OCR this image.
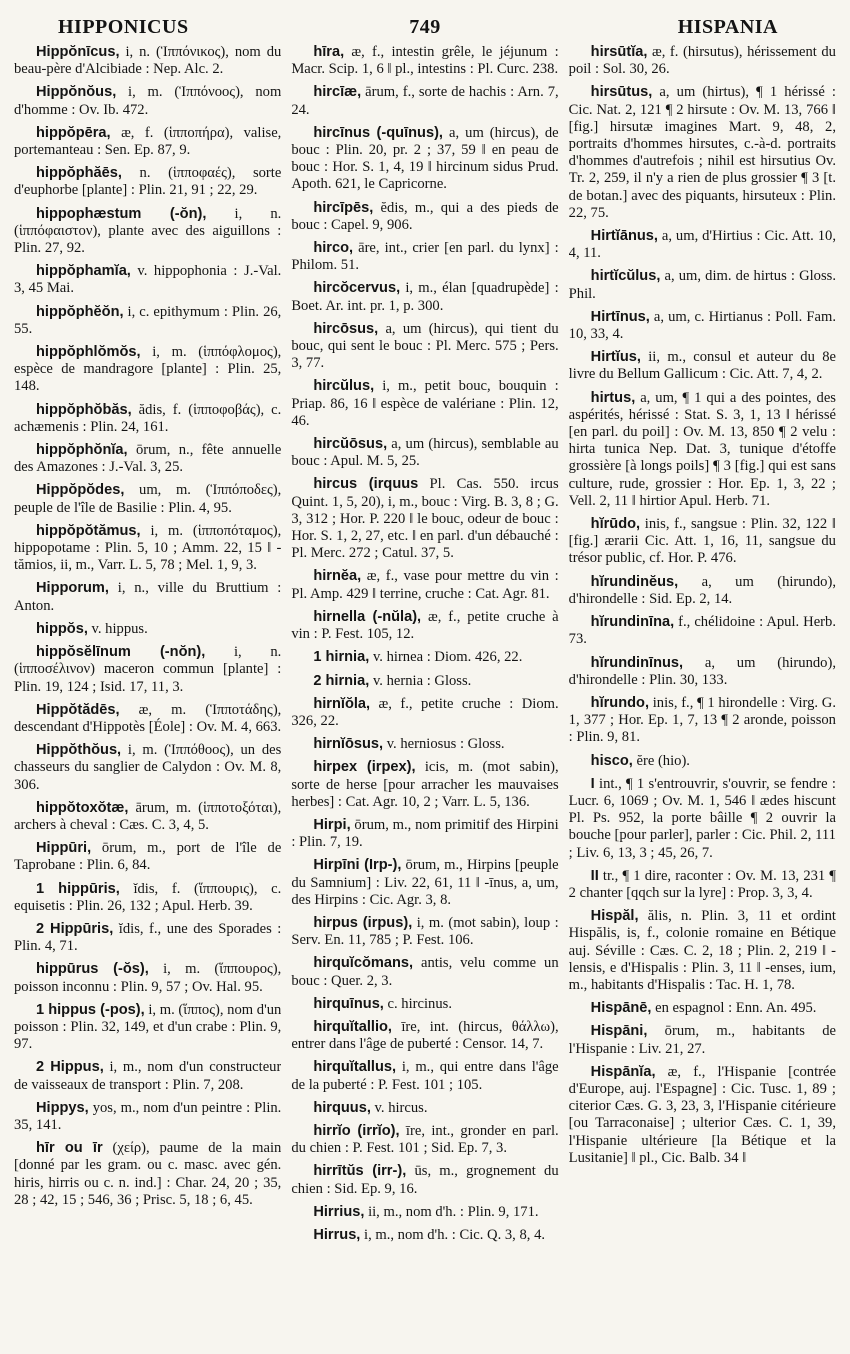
749
HIPPONICUS	HISPANIA

Hippŏnīcus, i, n. (Ἱππόνικος), nom du beau-père d'Alcibiade : Nep. Alc. 2.

Hippŏnŏus, i, m. (Ἱππόνοος), nom d'homme : Ov. Ib. 472.

hippŏpēra, æ, f. (ἱπποπήρα), valise, portemanteau : Sen. Ep. 87, 9.

hippŏphăēs, n. (ἱπποφαές), sorte d'euphorbe [plante] : Plin. 21, 91 ; 22, 29.

hippophæstum (-ŏn), i, n. (ἱππόφαιστον), plante avec des aiguillons : Plin. 27, 92.

hippŏphamĭa, v. hippophonia : J.-Val. 3, 45 Mai.

hippŏphĕŏn, i, c. epithymum : Plin. 26, 55.

hippŏphlŏmŏs, i, m. (ἱππόφλομος), espèce de mandragore [plante] : Plin. 25, 148.

hippŏphŏbăs, ădis, f. (ἱπποφοβάς), c. achæmenis : Plin. 24, 161.

hippŏphŏnĭa, ōrum, n., fête annuelle des Amazones : J.-Val. 3, 25.

Hippŏpŏdes, um, m. (Ἱππόποδες), peuple de l'île de Basilie : Plin. 4, 95.

hippŏpŏtămus, i, m. (ἱπποπόταμος), hippopotame : Plin. 5, 10 ; Amm. 22, 15 ‖ -tămios, ii, m., Varr. L. 5, 78 ; Mel. 1, 9, 3.

Hipporum, i, n., ville du Bruttium : Anton.

hippŏs, v. hippus.

hippŏsĕlīnum (-nŏn), i, n. (ἱπποσέλινον) maceron commun [plante] : Plin. 19, 124 ; Isid. 17, 11, 3.

Hippŏtădēs, æ, m. (Ἱπποτάδης), descendant d'Hippotès [Éole] : Ov. M. 4, 663.

Hippŏthŏus, i, m. (Ἱππόθοος), un des chasseurs du sanglier de Calydon : Ov. M. 8, 306.

hippŏtoxŏtæ, ārum, m. (ἱπποτοξόται), archers à cheval : Cæs. C. 3, 4, 5.

Hippūri, ōrum, m., port de l'île de Taprobane : Plin. 6, 84.

1 hippūris, ĭdis, f. (ἵππουρις), c. equisetis : Plin. 26, 132 ; Apul. Herb. 39.

2 Hippūris, ĭdis, f., une des Sporades : Plin. 4, 71.

hippūrus (-ŏs), i, m. (ἵππουρος), poisson inconnu : Plin. 9, 57 ; Ov. Hal. 95.

1 hippus (-pos), i, m. (ἵππος), nom d'un poisson : Plin. 32, 149, et d'un crabe : Plin. 9, 97.

2 Hippus, i, m., nom d'un constructeur de vaisseaux de transport : Plin. 7, 208.

Hippys, yos, m., nom d'un peintre : Plin. 35, 141.

hīr ou īr (χείρ), paume de la main [donné par les gram. ou c. masc. avec gén. hiris, hirris ou c. n. ind.] : Char. 24, 20 ; 35, 28 ; 42, 15 ; 546, 36 ; Prisc. 5, 18 ; 6, 45.

hīra, æ, f., intestin grêle, le jéjunum : Macr. Scip. 1, 6 ‖ pl., intestins : Pl. Curc. 238.

hircīæ, ārum, f., sorte de hachis : Arn. 7, 24.

hircīnus (-quīnus), a, um (hircus), de bouc : Plin. 20, pr. 2 ; 37, 59 ‖ en peau de bouc : Hor. S. 1, 4, 19 ‖ hircinum sidus Prud. Apoth. 621, le Capricorne.

hircīpēs, ĕdis, m., qui a des pieds de bouc : Capel. 9, 906.

hirco, āre, int., crier [en parl. du lynx] : Philom. 51.

hircŏcervus, i, m., élan [quadrupède] : Boet. Ar. int. pr. 1, p. 300.

hircōsus, a, um (hircus), qui tient du bouc, qui sent le bouc : Pl. Merc. 575 ; Pers. 3, 77.

hircŭlus, i, m., petit bouc, bouquin : Priap. 86, 16 ‖ espèce de valériane : Plin. 12, 46.

hircŭōsus, a, um (hircus), semblable au bouc : Apul. M. 5, 25.

hircus (irquus Pl. Cas. 550. ircus Quint. 1, 5, 20), i, m., bouc : Virg. B. 3, 8 ; G. 3, 312 ; Hor. P. 220 ‖ le bouc, odeur de bouc : Hor. S. 1, 2, 27, etc. ‖ en parl. d'un débauché : Pl. Merc. 272 ; Catul. 37, 5.

hirnĕa, æ, f., vase pour mettre du vin : Pl. Amp. 429 ‖ terrine, cruche : Cat. Agr. 81.

hirnella (-nŭla), æ, f., petite cruche à vin : P. Fest. 105, 12.

1 hirnia, v. hirnea : Diom. 426, 22.

2 hirnia, v. hernia : Gloss.

hirnĭŏla, æ, f., petite cruche : Diom. 326, 22.

hirnĭōsus, v. herniosus : Gloss.

hirpex (irpex), icis, m. (mot sabin), sorte de herse [pour arracher les mauvaises herbes] : Cat. Agr. 10, 2 ; Varr. L. 5, 136.

Hirpi, ōrum, m., nom primitif des Hirpini : Plin. 7, 19.

Hirpīni (Irp-), ōrum, m., Hirpins [peuple du Samnium] : Liv. 22, 61, 11 ‖ -īnus, a, um, des Hirpins : Cic. Agr. 3, 8.

hirpus (irpus), i, m. (mot sabin), loup : Serv. En. 11, 785 ; P. Fest. 106.

hirquĭcŏmans, antis, velu comme un bouc : Quer. 2, 3.

hirquīnus, c. hircinus.

hirquĭtallio, īre, int. (hircus, θάλλω), entrer dans l'âge de puberté : Censor. 14, 7.

hirquĭtallus, i, m., qui entre dans l'âge de la puberté : P. Fest. 101 ; 105.

hirquus, v. hircus.

hirrĭo (irrĭo), īre, int., gronder en parl. du chien : P. Fest. 101 ; Sid. Ep. 7, 3.

hirrītŭs (irr-), ūs, m., grognement du chien : Sid. Ep. 9, 16.

Hirrius, ii, m., nom d'h. : Plin. 9, 171.

Hirrus, i, m., nom d'h. : Cic. Q. 3, 8, 4.

hirsūtĭa, æ, f. (hirsutus), hérissement du poil : Sol. 30, 26.

hirsūtus, a, um (hirtus), ¶ 1 hérissé : Cic. Nat. 2, 121 ¶ 2 hirsute : Ov. M. 13, 766 ‖ [fig.] hirsutæ imagines Mart. 9, 48, 2, portraits d'hommes hirsutes, c.-à-d. portraits d'hommes d'autrefois ; nihil est hirsutius Ov. Tr. 2, 259, il n'y a rien de plus grossier ¶ 3 [t. de botan.] avec des piquants, hirsuteux : Plin. 22, 75.

Hirtĭānus, a, um, d'Hirtius : Cic. Att. 10, 4, 11.

hirtĭcŭlus, a, um, dim. de hirtus : Gloss. Phil.

Hirtīnus, a, um, c. Hirtianus : Poll. Fam. 10, 33, 4.

Hirtĭus, ii, m., consul et auteur du 8e livre du Bellum Gallicum : Cic. Att. 7, 4, 2.

hirtus, a, um, ¶ 1 qui a des pointes, des aspérités, hérissé : Stat. S. 3, 1, 13 ‖ hérissé [en parl. du poil] : Ov. M. 13, 850 ¶ 2 velu : hirta tunica Nep. Dat. 3, tunique d'étoffe grossière [à longs poils] ¶ 3 [fig.] qui est sans culture, rude, grossier : Hor. Ep. 1, 3, 22 ; Vell. 2, 11 ‖ hirtior Apul. Herb. 71.

hĭrūdo, inis, f., sangsue : Plin. 32, 122 ‖ [fig.] ærarii Cic. Att. 1, 16, 11, sangsue du trésor public, cf. Hor. P. 476.

hĭrundinĕus, a, um (hirundo), d'hirondelle : Sid. Ep. 2, 14.

hĭrundinīna, f., chélidoine : Apul. Herb. 73.

hĭrundinīnus, a, um (hirundo), d'hirondelle : Plin. 30, 133.

hĭrundo, inis, f., ¶ 1 hirondelle : Virg. G. 1, 377 ; Hor. Ep. 1, 7, 13 ¶ 2 aronde, poisson : Plin. 9, 81.

hisco, ĕre (hio).

I int., ¶ 1 s'entrouvrir, s'ouvrir, se fendre : Lucr. 6, 1069 ; Ov. M. 1, 546 ‖ ædes hiscunt Pl. Ps. 952, la porte bâille ¶ 2 ouvrir la bouche [pour parler], parler : Cic. Phil. 2, 111 ; Liv. 6, 13, 3 ; 45, 26, 7.

II tr., ¶ 1 dire, raconter : Ov. M. 13, 231 ¶ 2 chanter [qqch sur la lyre] : Prop. 3, 3, 4.

Hispăl, ălis, n. Plin. 3, 11 et ordint Hispălis, is, f., colonie romaine en Bétique auj. Séville : Cæs. C. 2, 18 ; Plin. 2, 219 ‖ -lensis, e d'Hispalis : Plin. 3, 11 ‖ -enses, ium, m., habitants d'Hispalis : Tac. H. 1, 78.

Hispānē, en espagnol : Enn. An. 495.

Hispāni, ōrum, m., habitants de l'Hispanie : Liv. 21, 27.

Hispānĭa, æ, f., l'Hispanie [contrée d'Europe, auj. l'Espagne] : Cic. Tusc. 1, 89 ; citerior Cæs. G. 3, 23, 3, l'Hispanie citérieure [ou Tarraconaise] ; ulterior Cæs. C. 1, 39, l'Hispanie ultérieure [la Bétique et la Lusitanie] ‖ pl., Cic. Balb. 34 ‖
